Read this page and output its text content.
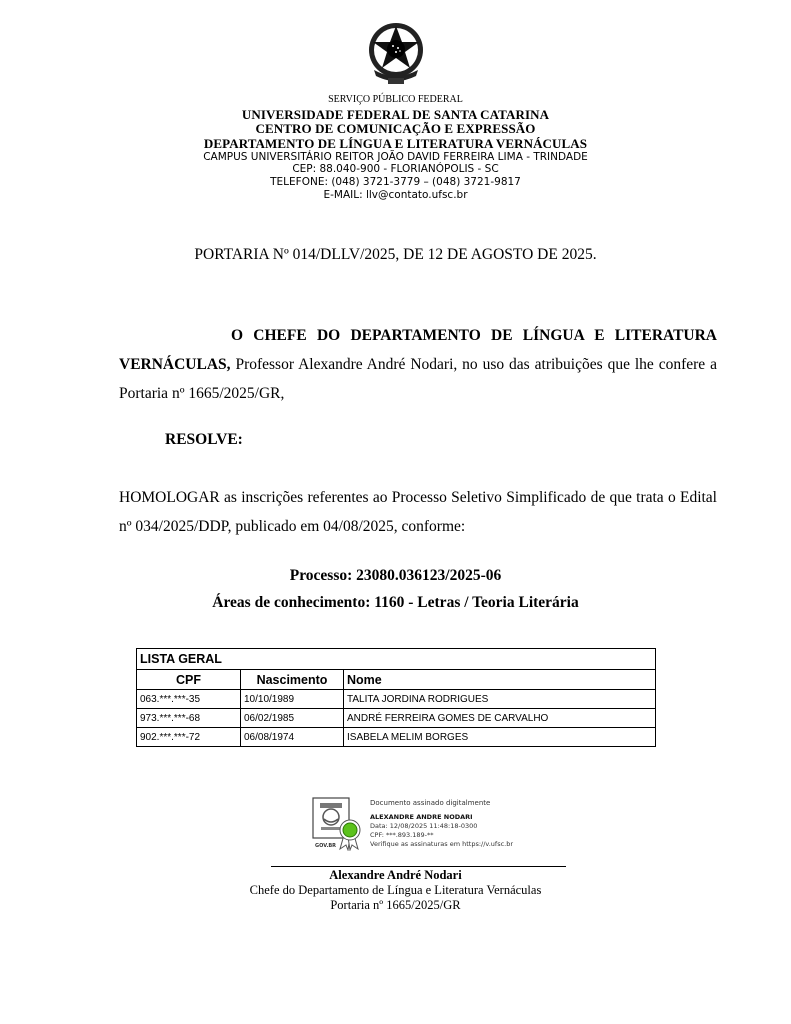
SERVIÇO PÚBLICO FEDERAL
UNIVERSIDADE FEDERAL DE SANTA CATARINA
CENTRO DE COMUNICAÇÃO E EXPRESSÃO
DEPARTAMENTO DE LÍNGUA E LITERATURA VERNÁCULAS
CAMPUS UNIVERSITÁRIO REITOR JOÃO DAVID FERREIRA LIMA - TRINDADE
CEP: 88.040-900 - FLORIANÓPOLIS - SC
TELEFONE: (048) 3721-3779 – (048) 3721-9817
E-MAIL: llv@contato.ufsc.br
PORTARIA Nº 014/DLLV/2025, DE 12 DE AGOSTO DE 2025.
O CHEFE DO DEPARTAMENTO DE LÍNGUA E LITERATURA
VERNÁCULAS, Professor Alexandre André Nodari, no uso das atribuições que lhe confere a
Portaria nº 1665/2025/GR,
RESOLVE:
HOMOLOGAR as inscrições referentes ao Processo Seletivo Simplificado de que trata o Edital
nº 034/2025/DDP, publicado em 04/08/2025, conforme:
Processo: 23080.036123/2025-06
Áreas de conhecimento: 1160 - Letras / Teoria Literária
LISTA GERAL		
CPF	Nascimento	Nome
063.***.***-35	10/10/1989	TALITA JORDINA RODRIGUES
973.***.***-68	06/02/1985	ANDRÉ FERREIRA GOMES DE CARVALHO
902.***.***-72	06/08/1974	ISABELA MELIM BORGES
GOV.BR
Documento assinado digitalmente
ALEXANDRE ANDRE NODARI
Data: 12/08/2025 11:48:18-0300
CPF: ***.893.189-**
Verifique as assinaturas em https://v.ufsc.br
Alexandre André Nodari
Chefe do Departamento de Língua e Literatura Vernáculas
Portaria nº 1665/2025/GR
